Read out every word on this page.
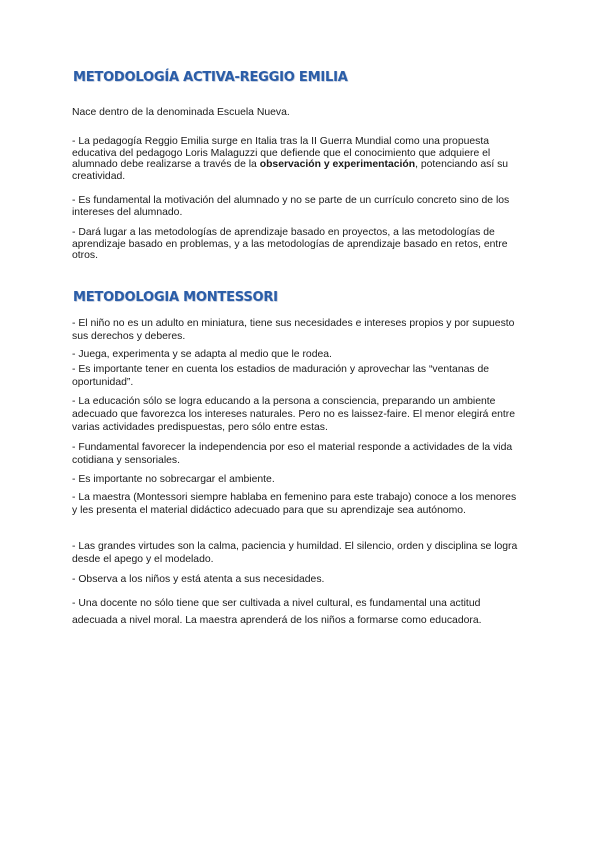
METODOLOGÍA ACTIVA-REGGIO EMILIA

Nace dentro de la denominada Escuela Nueva.

- La pedagogía Reggio Emilia surge en Italia tras la II Guerra Mundial como una propuesta educativa del pedagogo Loris Malaguzzi que defiende que el conocimiento que adquiere el alumnado debe realizarse a través de la observación y experimentación, potenciando así su creatividad.

- Es fundamental la motivación del alumnado y no se parte de un currículo concreto sino de los intereses del alumnado.

- Dará lugar a las metodologías de aprendizaje basado en proyectos, a las metodologías de aprendizaje basado en problemas, y a las metodologías de aprendizaje basado en retos, entre otros.

METODOLOGIA MONTESSORI

- El niño no es un adulto en miniatura, tiene sus necesidades e intereses propios y por supuesto sus derechos y deberes.

- Juega, experimenta y se adapta al medio que le rodea.

- Es importante tener en cuenta los estadios de maduración y aprovechar las “ventanas de oportunidad”.

- La educación sólo se logra educando a la persona a consciencia, preparando un ambiente adecuado que favorezca los intereses naturales. Pero no es laissez-faire. El menor elegirá entre varias actividades predispuestas, pero sólo entre estas.

- Fundamental favorecer la independencia por eso el material responde a actividades de la vida cotidiana y sensoriales.

- Es importante no sobrecargar el ambiente.

- La maestra (Montessori siempre hablaba en femenino para este trabajo) conoce a los menores y les presenta el material didáctico adecuado para que su aprendizaje sea autónomo.

- Las grandes virtudes son la calma, paciencia y humildad. El silencio, orden y disciplina se logra desde el apego y el modelado.

- Observa a los niños y está atenta a sus necesidades.

- Una docente no sólo tiene que ser cultivada a nivel cultural, es fundamental una actitud

adecuada a nivel moral. La maestra aprenderá de los niños a formarse como educadora.
